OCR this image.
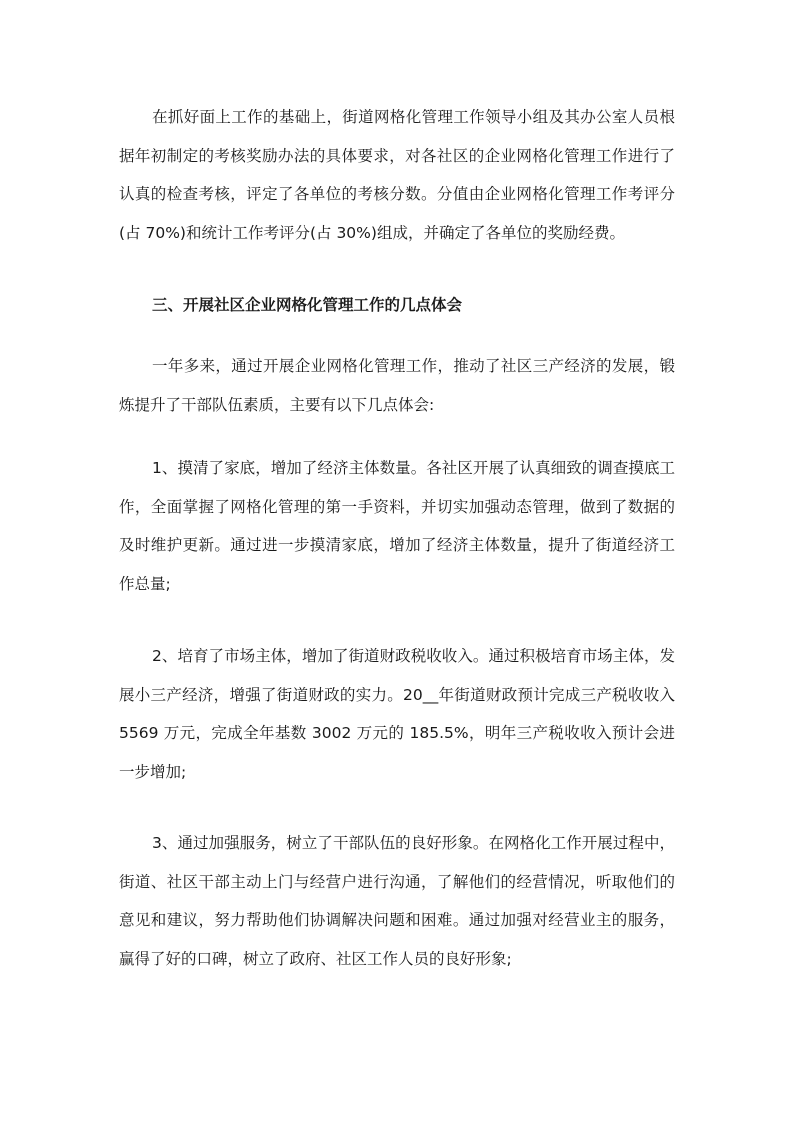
在抓好面上工作的基础上，街道网格化管理工作领导小组及其办公室人员根据年初制定的考核奖励办法的具体要求，对各社区的企业网格化管理工作进行了认真的检查考核，评定了各单位的考核分数。分值由企业网格化管理工作考评分(占 70%)和统计工作考评分(占 30%)组成，并确定了各单位的奖励经费。

三、开展社区企业网格化管理工作的几点体会

一年多来，通过开展企业网格化管理工作，推动了社区三产经济的发展，锻炼提升了干部队伍素质，主要有以下几点体会:

1、摸清了家底，增加了经济主体数量。各社区开展了认真细致的调查摸底工作，全面掌握了网格化管理的第一手资料，并切实加强动态管理，做到了数据的及时维护更新。通过进一步摸清家底，增加了经济主体数量，提升了街道经济工作总量;

2、培育了市场主体，增加了街道财政税收收入。通过积极培育市场主体，发展小三产经济，增强了街道财政的实力。20__年街道财政预计完成三产税收收入 5569 万元，完成全年基数 3002 万元的 185.5%，明年三产税收收入预计会进一步增加;

3、通过加强服务，树立了干部队伍的良好形象。在网格化工作开展过程中，街道、社区干部主动上门与经营户进行沟通，了解他们的经营情况，听取他们的意见和建议，努力帮助他们协调解决问题和困难。通过加强对经营业主的服务，赢得了好的口碑，树立了政府、社区工作人员的良好形象;
